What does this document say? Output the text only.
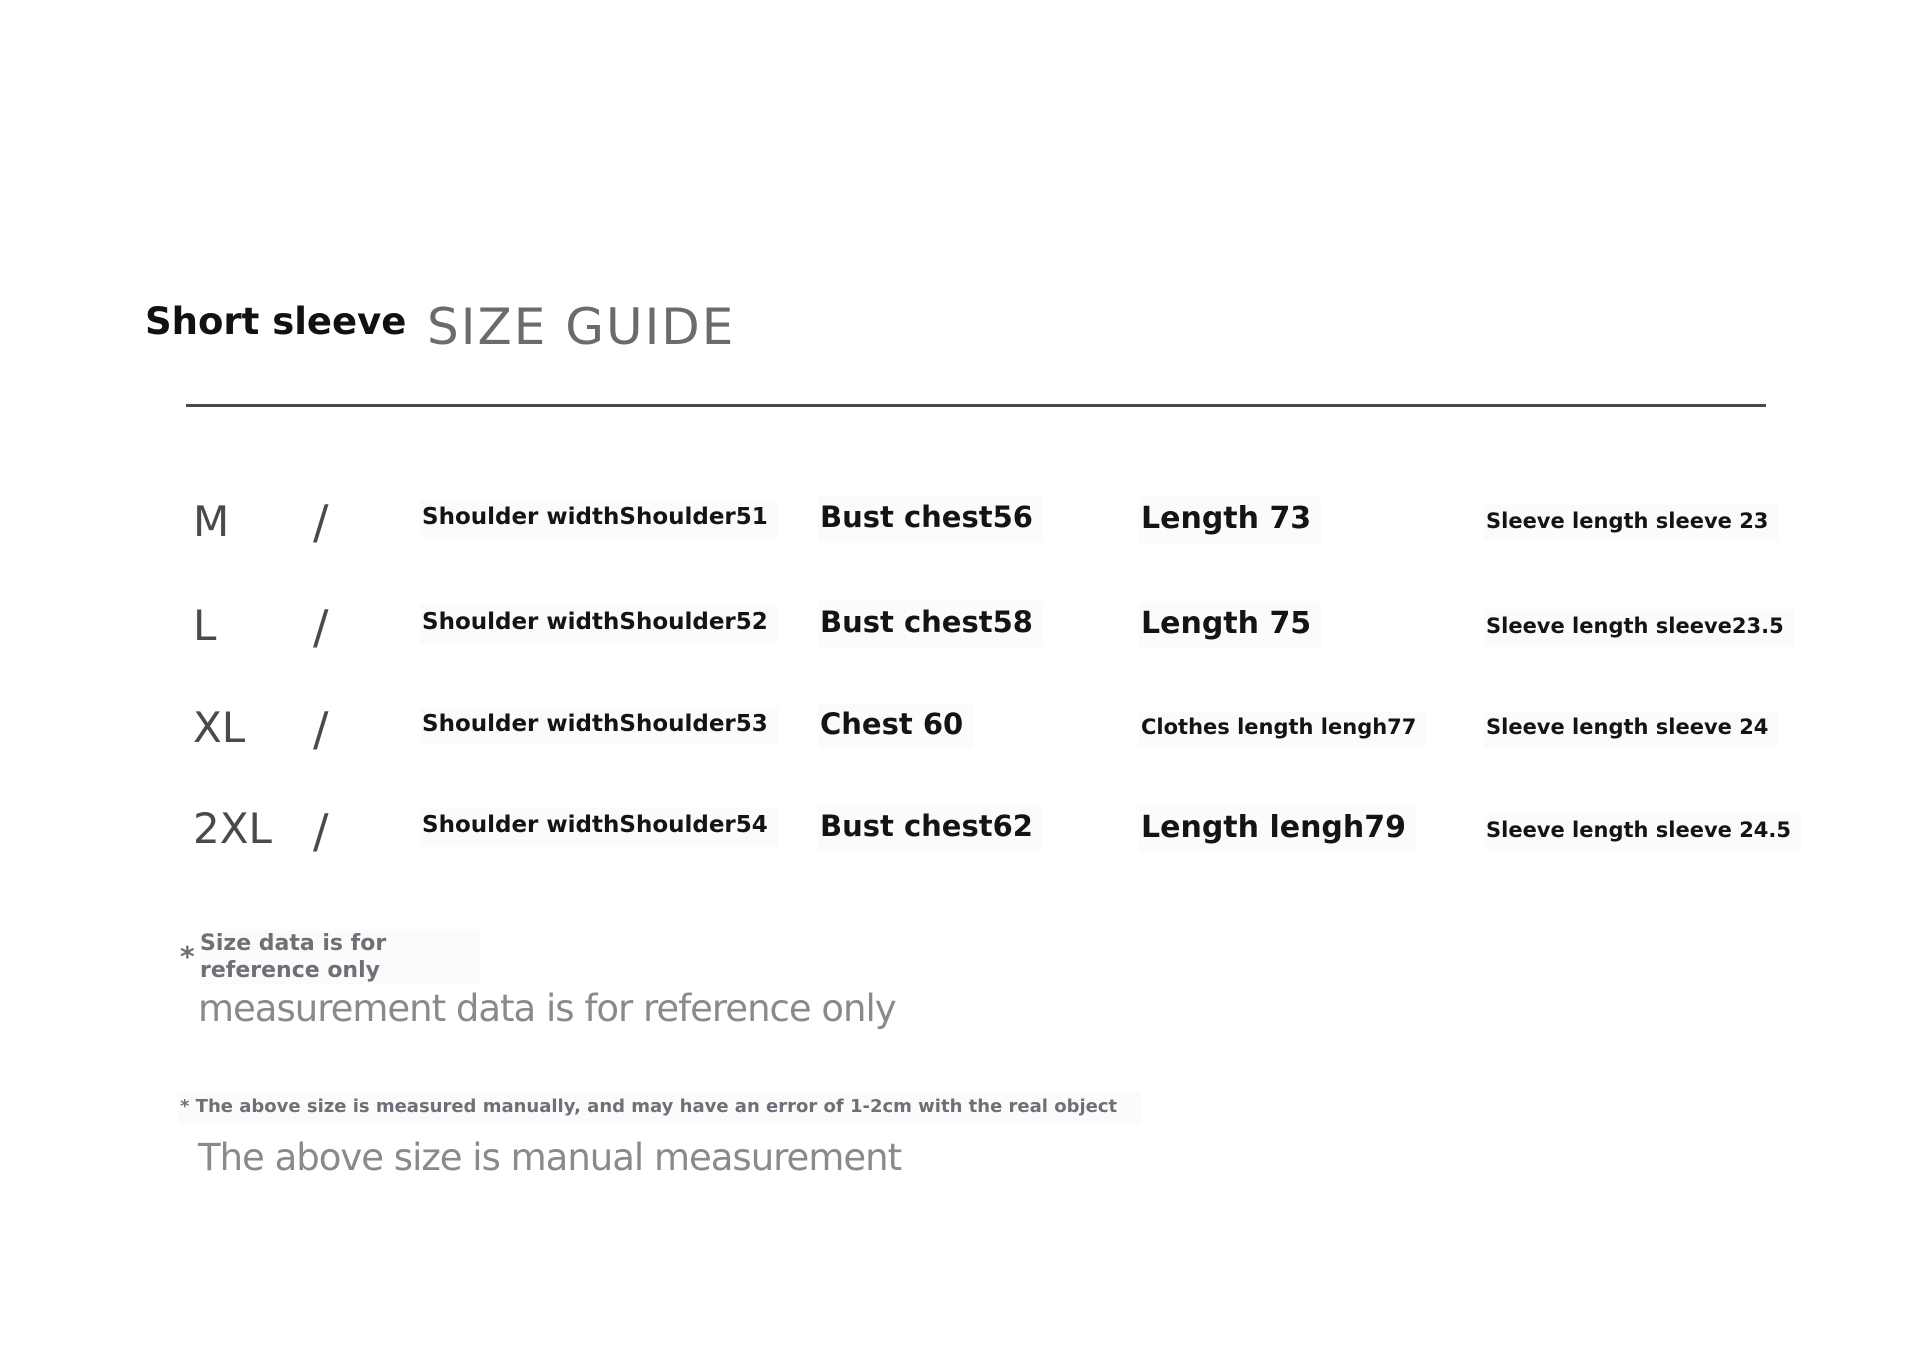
Short sleeve SIZE GUIDE
M /	Shoulder widthShoulder51	Bust chest56	Length 73	Sleeve length sleeve 23
L /	Shoulder widthShoulder52	Bust chest58	Length 75	Sleeve length sleeve23.5
XL /	Shoulder widthShoulder53	Chest 60	Clothes length lengh77	Sleeve length sleeve 24
2XL /	Shoulder widthShoulder54	Bust chest62	Length lengh79	Sleeve length sleeve 24.5
* Size data is for reference only
measurement data is for reference only
* The above size is measured manually, and may have an error of 1-2cm with the real object
The above size is manual measurement
